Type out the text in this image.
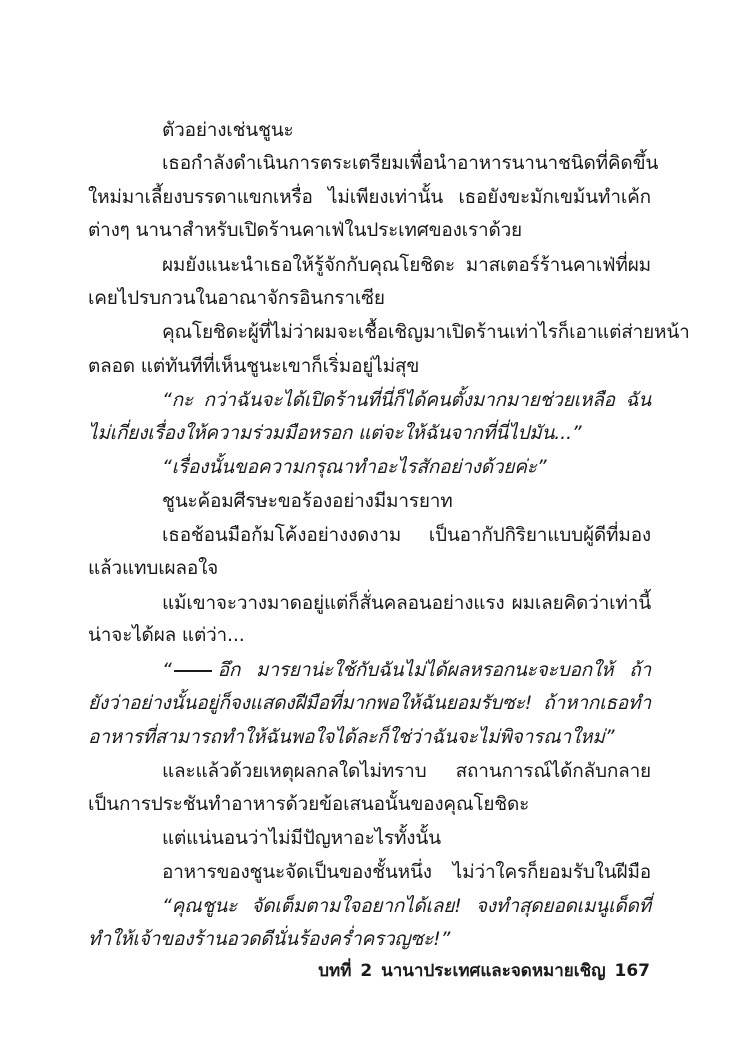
ตัวอย่างเช่นชูนะ
เธอกำลังดำเนินการตระเตรียมเพื่อนำอาหารนานาชนิดที่คิดขึ้น
ใหม่มาเลี้ยงบรรดาแขกเหรื่อ ไม่เพียงเท่านั้น เธอยังขะมักเขม้นทำเค้ก
ต่างๆ นานาสำหรับเปิดร้านคาเฟ่ในประเทศของเราด้วย
ผมยังแนะนำเธอให้รู้จักกับคุณโยชิดะ มาสเตอร์ร้านคาเฟ่ที่ผม
เคยไปรบกวนในอาณาจักรอินกราเซีย
คุณโยชิดะผู้ที่ไม่ว่าผมจะเชื้อเชิญมาเปิดร้านเท่าไรก็เอาแต่ส่ายหน้า
ตลอด แต่ทันทีที่เห็นชูนะเขาก็เริ่มอยู่ไม่สุข
“กะ กว่าฉันจะได้เปิดร้านที่นี่ก็ได้คนตั้งมากมายช่วยเหลือ ฉัน
ไม่เกี่ยงเรื่องให้ความร่วมมือหรอก แต่จะให้ฉันจากที่นี่ไปมัน...”
“เรื่องนั้นขอความกรุณาทำอะไรสักอย่างด้วยค่ะ”
ชูนะค้อมศีรษะขอร้องอย่างมีมารยาท
เธอช้อนมือก้มโค้งอย่างงดงาม เป็นอากัปกิริยาแบบผู้ดีที่มอง
แล้วแทบเผลอใจ
แม้เขาจะวางมาดอยู่แต่ก็สั่นคลอนอย่างแรง ผมเลยคิดว่าเท่านี้
น่าจะได้ผล แต่ว่า...
“ อึก มารยาน่ะใช้กับฉันไม่ได้ผลหรอกนะจะบอกให้ ถ้า
ยังว่าอย่างนั้นอยู่ก็จงแสดงฝีมือที่มากพอให้ฉันยอมรับซะ! ถ้าหากเธอทำ
อาหารที่สามารถทำให้ฉันพอใจได้ละก็ใช่ว่าฉันจะไม่พิจารณาใหม่”
และแล้วด้วยเหตุผลกลใดไม่ทราบ สถานการณ์ได้กลับกลาย
เป็นการประชันทำอาหารด้วยข้อเสนอนั้นของคุณโยชิดะ
แต่แน่นอนว่าไม่มีปัญหาอะไรทั้งนั้น
อาหารของชูนะจัดเป็นของชั้นหนึ่ง ไม่ว่าใครก็ยอมรับในฝีมือ
“คุณชูนะ จัดเต็มตามใจอยากได้เลย! จงทำสุดยอดเมนูเด็ดที่
ทำให้เจ้าของร้านอวดดีนั่นร้องคร่ำครวญซะ!”
บทที่ 2 นานาประเทศและจดหมายเชิญ 167
